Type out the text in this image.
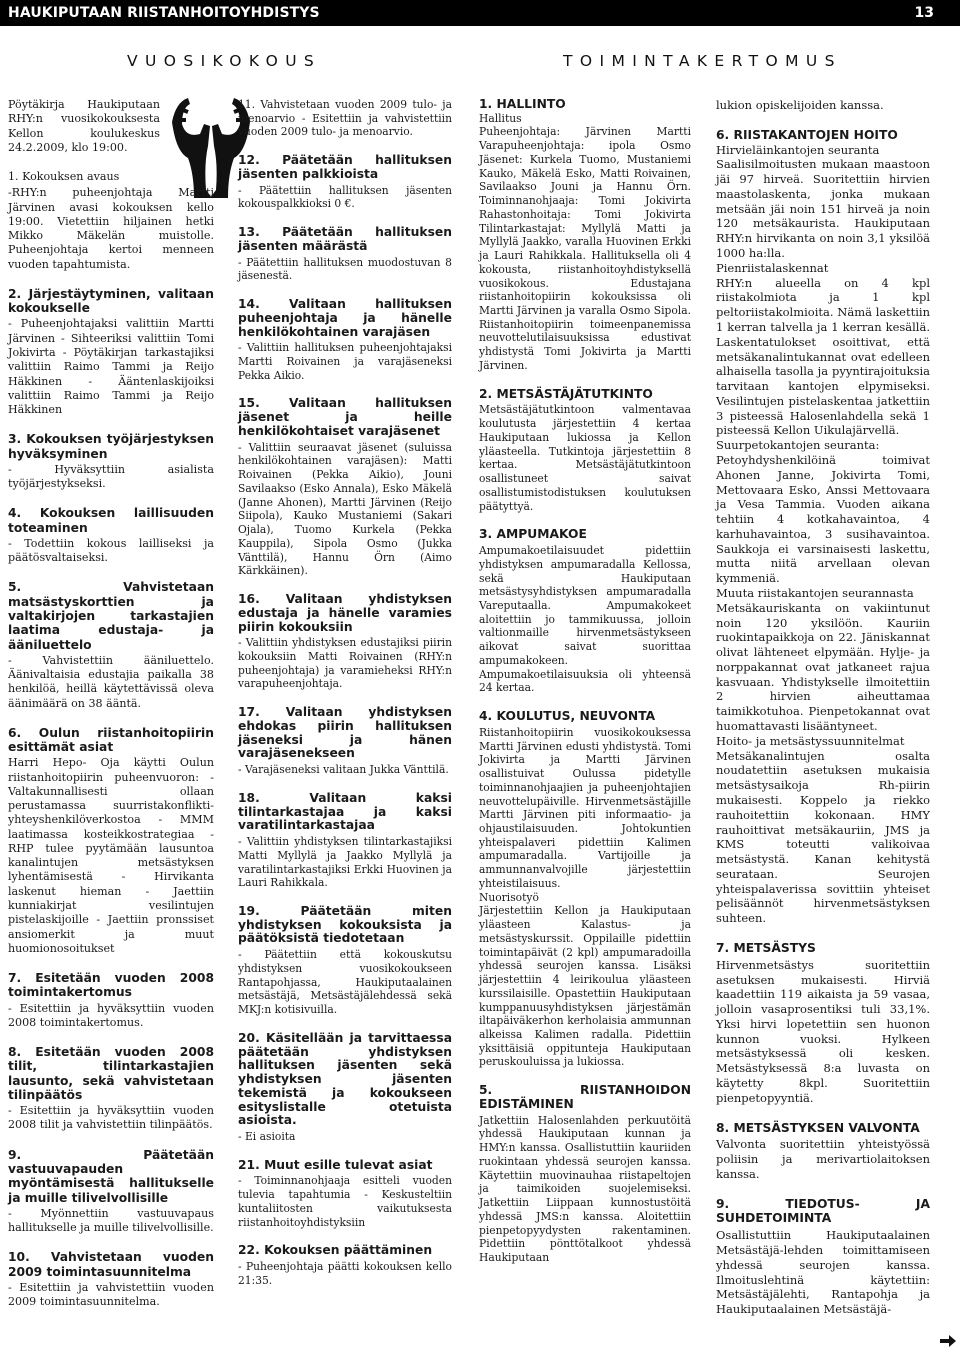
HAUKIPUTAAN RIISTANHOITOYHDISTYS	13
VUOSIKOKOUS	TOIMINTAKERTOMUS

Pöytäkirja Haukiputaan RHY:n vuosikokouksesta Kellon koulukeskus 24.2.2009, klo 19:00.

1. Kokouksen avaus

-RHY:n puheenjohtaja Martti Järvinen avasi kokouksen kello 19:00. Vietettiin hiljainen hetki Mikko Mäkelän muistolle. Puheenjohtaja kertoi menneen vuoden tapahtumista.

2. Järjestäytyminen, valitaan kokoukselle

- Puheenjohtajaksi valittiin Martti Järvinen - Sihteeriksi valittiin Tomi Jokivirta - Pöytäkirjan tarkastajiksi valittiin Raimo Tammi ja Reijo Häkkinen - Ääntenlaskijoiksi valittiin Raimo Tammi ja Reijo Häkkinen

3. Kokouksen työjärjestyksen hyväksyminen

- Hyväksyttiin asialista työjärjestykseksi.

4. Kokouksen laillisuuden toteaminen

- Todettiin kokous lailliseksi ja päätösvaltaiseksi.

5. Vahvistetaan matsästyskorttien ja valtakirjojen tarkastajien laatima edustaja- ja ääniluettelo

- Vahvistettiin ääniluettelo. Äänivaltaisia edustajia paikalla 38 henkilöä, heillä käytettävissä oleva äänimäärä on 38 ääntä.

6. Oulun riistanhoitopiirin esittämät asiat

Harri Hepo- Oja käytti Oulun riistanhoitopiirin puheenvuoron: - Valtakunnallisesti ollaan perustamassa suurristakonflikti-yhteyshenkilöverkostoa - MMM laatimassa kosteikkostrategiaa - RHP tulee pyytämään lausuntoa kanalintujen metsästyksen lyhentämisestä - Hirvikanta laskenut hieman - Jaettiin kunniakirjat vesilintujen pistelaskijoille - Jaettiin pronssiset ansiomerkit ja muut huomionosoitukset

7. Esitetään vuoden 2008 toimintakertomus

- Esitettiin ja hyväksyttiin vuoden 2008 toimintakertomus.

8. Esitetään vuoden 2008 tilit, tilintarkastajien lausunto, sekä vahvistetaan tilinpäätös

- Esitettiin ja hyväksyttiin vuoden 2008 tilit ja vahvistettiin tilinpäätös.

9. Päätetään vastuuvapauden myöntämisestä hallitukselle ja muille tilivelvollisille

- Myönnettiin vastuuvapaus hallitukselle ja muille tilivelvollisille.

10. Vahvistetaan vuoden 2009 toimintasuunnitelma

- Esitettiin ja vahvistettiin vuoden 2009 toimintasuunnitelma.

11. Vahvistetaan vuoden 2009 tulo- ja menoarvio - Esitettiin ja vahvistettiin vuoden 2009 tulo- ja menoarvio.

12. Päätetään hallituksen jäsenten palkkioista

- Päätettiin hallituksen jäsenten kokouspalkkioksi 0 €.

13. Päätetään hallituksen jäsenten määrästä

- Päätettiin hallituksen muodostuvan 8 jäsenestä.

14. Valitaan hallituksen puheenjohtaja ja hänelle henkilökohtainen varajäsen

- Valittiin hallituksen puheenjohtajaksi Martti Roivainen ja varajäseneksi Pekka Aikio.

15. Valitaan hallituksen jäsenet ja heille henkilökohtaiset varajäsenet

- Valittiin seuraavat jäsenet (suluissa henkilökohtainen varajäsen): Matti Roivainen (Pekka Aikio), Jouni Savilaakso (Esko Annala), Esko Mäkelä (Janne Ahonen), Martti Järvinen (Reijo Siipola), Kauko Mustaniemi (Sakari Ojala), Tuomo Kurkela (Pekka Kauppila), Sipola Osmo (Jukka Vänttilä), Hannu Örn (Aimo Kärkkäinen).

16. Valitaan yhdistyksen edustaja ja hänelle varamies piirin kokouksiin

- Valittiin yhdistyksen edustajiksi piirin kokouksiin Matti Roivainen (RHY:n puheenjohtaja) ja varamieheksi RHY:n varapuheenjohtaja.

17. Valitaan yhdistyksen ehdokas piirin hallituksen jäseneksi ja hänen varajäsenekseen

- Varajäseneksi valitaan Jukka Vänttilä.

18. Valitaan kaksi tilintarkastajaa ja kaksi varatilintarkastajaa

- Valittiin yhdistyksen tilintarkastajiksi Matti Myllylä ja Jaakko Myllylä ja varatilintarkastajiksi Erkki Huovinen ja Lauri Rahikkala.

19. Päätetään miten yhdistyksen kokouksista ja päätöksistä tiedotetaan

- Päätettiin että kokouskutsu yhdistyksen vuosikokoukseen Rantapohjassa, Haukiputaalainen metsästäjä, Metsästäjälehdessä sekä MKJ:n kotisivuilla.

20. Käsitellään ja tarvittaessa päätetään yhdistyksen hallituksen jäsenten sekä yhdistyksen jäsenten tekemistä ja kokoukseen esityslistalle otetuista asioista.

- Ei asioita

21. Muut esille tulevat asiat

- Toiminnanohjaaja esitteli vuoden tulevia tapahtumia - Keskusteltiin kuntaliitosten vaikutuksesta riistanhoitoyhdistyksiin

22. Kokouksen päättäminen

- Puheenjohtaja päätti kokouksen kello 21:35.

1. HALLINTO

Hallitus

Puheenjohtaja: Järvinen Martti Varapuheenjohtaja: ipola Osmo Jäsenet: Kurkela Tuomo, Mustaniemi Kauko, Mäkelä Esko, Matti Roivainen, Savilaakso Jouni ja Hannu Örn. Toiminnanohjaaja: Tomi Jokivirta Rahastonhoitaja: Tomi Jokivirta Tilintarkastajat: Myllylä Matti ja Myllylä Jaakko, varalla Huovinen Erkki ja Lauri Rahikkala. Hallituksella oli 4 kokousta, riistanhoitoyhdistyksellä vuosikokous. Edustajana riistanhoitopiirin kokouksissa oli Martti Järvinen ja varalla Osmo Sipola. Riistanhoitopiirin toimeenpanemissa neuvottelutilaisuuksissa edustivat yhdistystä Tomi Jokivirta ja Martti Järvinen.

2. METSÄSTÄJÄTUTKINTO

Metsästäjätutkintoon valmentavaa koulutusta järjestettiin 4 kertaa Haukiputaan lukiossa ja Kellon yläasteella. Tutkintoja järjestettiin 8 kertaa. Metsästäjätutkintoon osallistuneet saivat osallistumistodistuksen koulutuksen päätyttyä.

3. AMPUMAKOE

Ampumakoetilaisuudet pidettiin yhdistyksen ampumaradalla Kellossa, sekä Haukiputaan metsästysyhdistyksen ampumaradalla Vareputaalla. Ampumakokeet aloitettiin jo tammikuussa, jolloin valtionmaille hirvenmetsästykseen aikovat saivat suorittaa ampumakokeen. Ampumakoetilaisuuksia oli yhteensä 24 kertaa.

4. KOULUTUS, NEUVONTA

Riistanhoitopiirin vuosikokouksessa Martti Järvinen edusti yhdistystä. Tomi Jokivirta ja Martti Järvinen osallistuivat Oulussa pidetylle toiminnanohjaajien ja puheenjohtajien neuvottelupäiville. Hirvenmetsästäjille Martti Järvinen piti informaatio- ja ohjaustilaisuuden. Johtokuntien yhteispalaveri pidettiin Kalimen ampumaradalla. Vartijoille ja ammunnanvalvojille järjestettiin yhteistilaisuus.

Nuorisotyö

Järjestettiin Kellon ja Haukiputaan yläasteen Kalastus- ja metsästyskurssit. Oppilaille pidettiin toimintapäivät (2 kpl) ampumaradoilla yhdessä seurojen kanssa. Lisäksi järjestettiin 4 leirikoulua yläasteen kurssilaisille. Opastettiin Haukiputaan kumppanuusyhdistyksen järjestämän iltapäiväkerhon kerholaisia ammunnan alkeissa Kalimen radalla. Pidettiin yksittäisiä oppitunteja Haukiputaan peruskouluissa ja lukiossa.

5. RIISTANHOIDON EDISTÄMINEN

Jatkettiin Halosenlahden perkuutöitä yhdessä Haukiputaan kunnan ja HMY:n kanssa. Osallistuttiin kauriiden ruokintaan yhdessä seurojen kanssa. Käytettiin muovinauhaa riistapeltojen ja taimikoiden suojelemiseksi. Jatkettiin Liippaan kunnostustöitä yhdessä JMS:n kanssa. Aloitettiin pienpetopyydysten rakentaminen. Pidettiin pönttötalkoot yhdessä Haukiputaan

lukion opiskelijoiden kanssa.

6. RIISTAKANTOJEN HOITO

Hirvieläinkantojen seuranta

Saalisilmoitusten mukaan maastoon jäi 97 hirveä. Suoritettiin hirvien maastolaskenta, jonka mukaan metsään jäi noin 151 hirveä ja noin 120 metsäkaurista. Haukiputaan RHY:n hirvikanta on noin 3,1 yksilöä 1000 ha:lla.

Pienriistalaskennat

RHY:n alueella on 4 kpl riistakolmiota ja 1 kpl peltoriistakolmioita. Nämä laskettiin 1 kerran talvella ja 1 kerran kesällä. Laskentatulokset osoittivat, että metsäkanalintukannat ovat edelleen alhaisella tasolla ja pyyntirajoituksia tarvitaan kantojen elpymiseksi. Vesilintujen pistelaskentaa jatkettiin 3 pisteessä Halosenlahdella sekä 1 pisteessä Kellon Uikulajärvellä.

Suurpetokantojen seuranta:

Petoyhdyshenkilöinä toimivat Ahonen Janne, Jokivirta Tomi, Mettovaara Esko, Anssi Mettovaara ja Vesa Tammia. Vuoden aikana tehtiin 4 kotkahavaintoa, 4 karhuhavaintoa, 3 susihavaintoa. Saukkoja ei varsinaisesti laskettu, mutta niitä arvellaan olevan kymmeniä.

Muuta riistakantojen seurannasta

Metsäkauriskanta on vakiintunut noin 120 yksilöön. Kauriin ruokintapaikkoja on 22. Jäniskannat olivat lähteneet elpymään. Hylje- ja norppakannat ovat jatkaneet rajua kasvuaan. Yhdistykselle ilmoitettiin 2 hirvien aiheuttamaa taimikkotuhoa. Pienpetokannat ovat huomattavasti lisääntyneet.

Hoito- ja metsästyssuunnitelmat

Metsäkanalintujen osalta noudatettiin asetuksen mukaisia metsästysaikoja Rh-piirin mukaisesti. Koppelo ja riekko rauhoitettiin kokonaan. HMY rauhoittivat metsäkauriin, JMS ja KMS toteutti valikoivaa metsästystä. Kanan kehitystä seurataan. Seurojen yhteispalaverissa sovittiin yhteiset pelisäännöt hirvenmetsästyksen suhteen.

7. METSÄSTYS

Hirvenmetsästys suoritettiin asetuksen mukaisesti. Hirviä kaadettiin 119 aikaista ja 59 vasaa, jolloin vasaprosentiksi tuli 33,1%. Yksi hirvi lopetettiin sen huonon kunnon vuoksi. Hylkeen metsästyksessä oli kesken. Metsästyksessä 8:a luvasta on käytetty 8kpl. Suoritettiin pienpetopyyntiä.

8. METSÄSTYKSEN VALVONTA

Valvonta suoritettiin yhteistyössä poliisin ja merivartiolaitoksen kanssa.

9. TIEDOTUS- JA SUHDETOIMINTA

Osallistuttiin Haukiputaalainen Metsästäjä-lehden toimittamiseen yhdessä seurojen kanssa. Ilmoituslehtinä käytettiin: Metsästäjälehti, Rantapohja ja Haukiputaalainen Metsästäjä-
